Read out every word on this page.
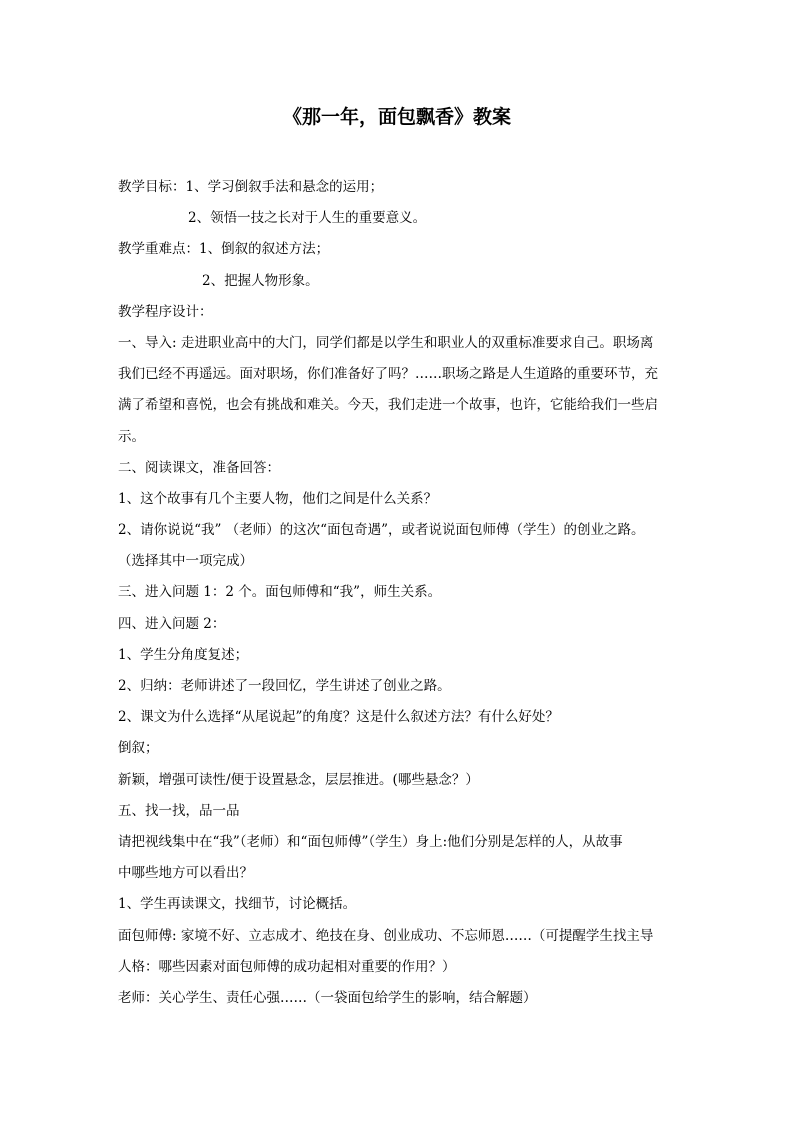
《那一年，面包飘香》教案
教学目标：1、学习倒叙手法和悬念的运用；
2、领悟一技之长对于人生的重要意义。
教学重难点：1、倒叙的叙述方法；
2、把握人物形象。
教学程序设计：
一、导入: 走进职业高中的大门，同学们都是以学生和职业人的双重标准要求自己。职场离
我们已经不再遥远。面对职场，你们准备好了吗？……职场之路是人生道路的重要环节，充
满了希望和喜悦，也会有挑战和难关。今天，我们走进一个故事，也许，它能给我们一些启
示。
二、阅读课文，准备回答：
1、这个故事有几个主要人物，他们之间是什么关系？
2、请你说说“我” （老师）的这次“面包奇遇”，或者说说面包师傅（学生）的创业之路。
（选择其中一项完成）
三、进入问题 1：2 个。面包师傅和“我”，师生关系。
四、进入问题 2：
1、学生分角度复述；
2、归纳：老师讲述了一段回忆，学生讲述了创业之路。
2、课文为什么选择“从尾说起”的角度？这是什么叙述方法？有什么好处？
倒叙；
新颖，增强可读性/便于设置悬念，层层推进。(哪些悬念？）
五、找一找，品一品
请把视线集中在“我”（老师）和“面包师傅”（学生）身上:他们分别是怎样的人，从故事
中哪些地方可以看出？
1、学生再读课文，找细节，讨论概括。
面包师傅: 家境不好、立志成才、绝技在身、创业成功、不忘师恩……（可提醒学生找主导
人格：哪些因素对面包师傅的成功起相对重要的作用？）
老师：关心学生、责任心强……（一袋面包给学生的影响，结合解题）
